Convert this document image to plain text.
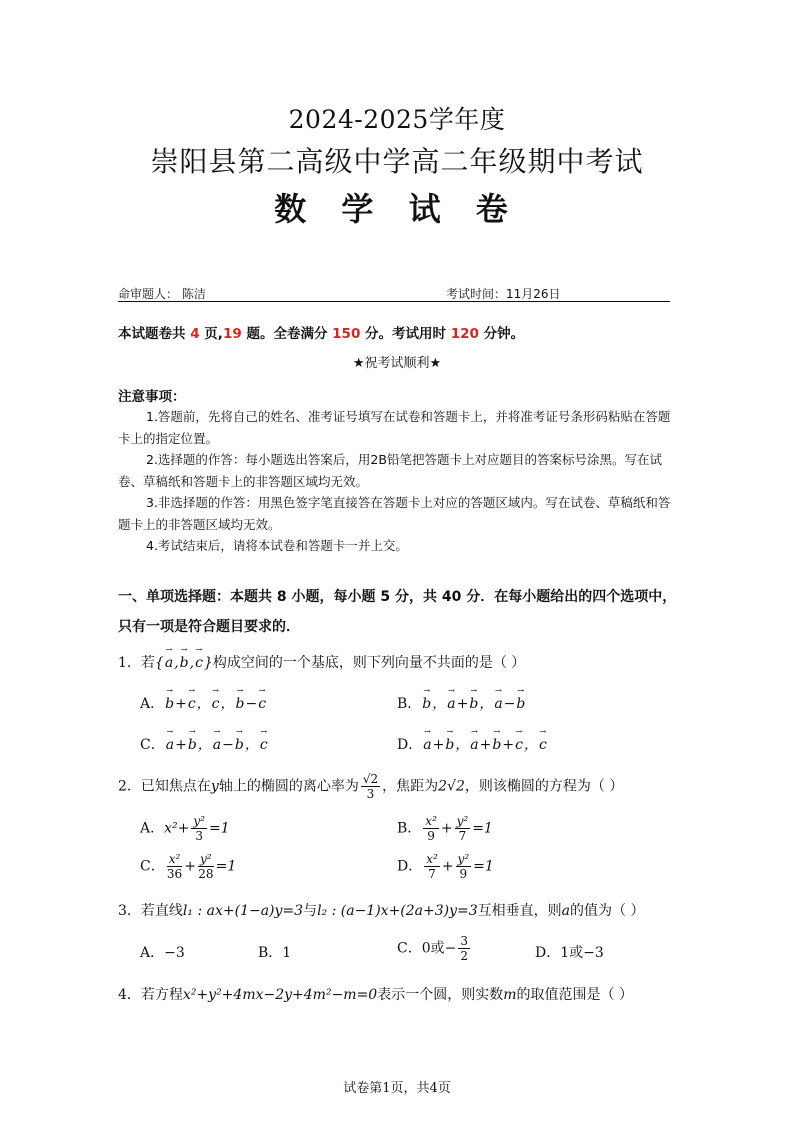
2024-2025学年度
崇阳县第二高级中学高二年级期中考试
数 学 试 卷
命审题人： 陈洁	考试时间：11月26日
本试题卷共 4 页,19 题。全卷满分 150 分。考试用时 120 分钟。
★祝考试顺利★
注意事项：

1.答题前，先将自己的姓名、准考证号填写在试卷和答题卡上，并将准考证号条形码粘贴在答题卡上的指定位置。

2.选择题的作答：每小题选出答案后，用2B铅笔把答题卡上对应题目的答案标号涂黑。写在试卷、草稿纸和答题卡上的非答题区域均无效。

3.非选择题的作答：用黑色签字笔直接答在答题卡上对应的答题区域内。写在试卷、草稿纸和答题卡上的非答题区域均无效。

4.考试结束后，请将本试卷和答题卡一并上交。

一、单项选择题：本题共 8 小题，每小题 5 分，共 40 分．在每小题给出的四个选项中，只有一项是符合题目要求的．
1．若{→ a,→ b,→ c}构成空间的一个基底，则下列向量不共面的是（ ）
A．→ b+→ c，→ c，→ b−→ c	B．→ b，→ a+→ b，→ a−→ b
C．→ a+→ b，→ a−→ b，→ c	D．→ a+→ b，→ a+→ b+→ c，→ c
2．已知焦点在y轴上的椭圆的离心率为 $\frac{√2}{3}$ ，焦距为2√2，则该椭圆的方程为（ ）
A．$x^2+ \frac{\text{y²}}{3} =1$	B． $\frac{\text{x²}}{9} + \frac{\text{y²}}{7} =1$
C． $\frac{\text{x²}}{36} + \frac{\text{y²}}{28} =1$	D． $\frac{\text{x²}}{7} + \frac{\text{y²}}{9} =1$
3．若直线l₁ : ax+(1−a)y=3与l₂ : (a−1)x+(2a+3)y=3互相垂直，则a的值为（ ）
A．−3	B．1	C．0或− $\frac{3}{2}$	D．1或−3
4．若方程x²+y²+4mx−2y+4m²−m=0表示一个圆，则实数m的取值范围是（ ）
试卷第1页，共4页
